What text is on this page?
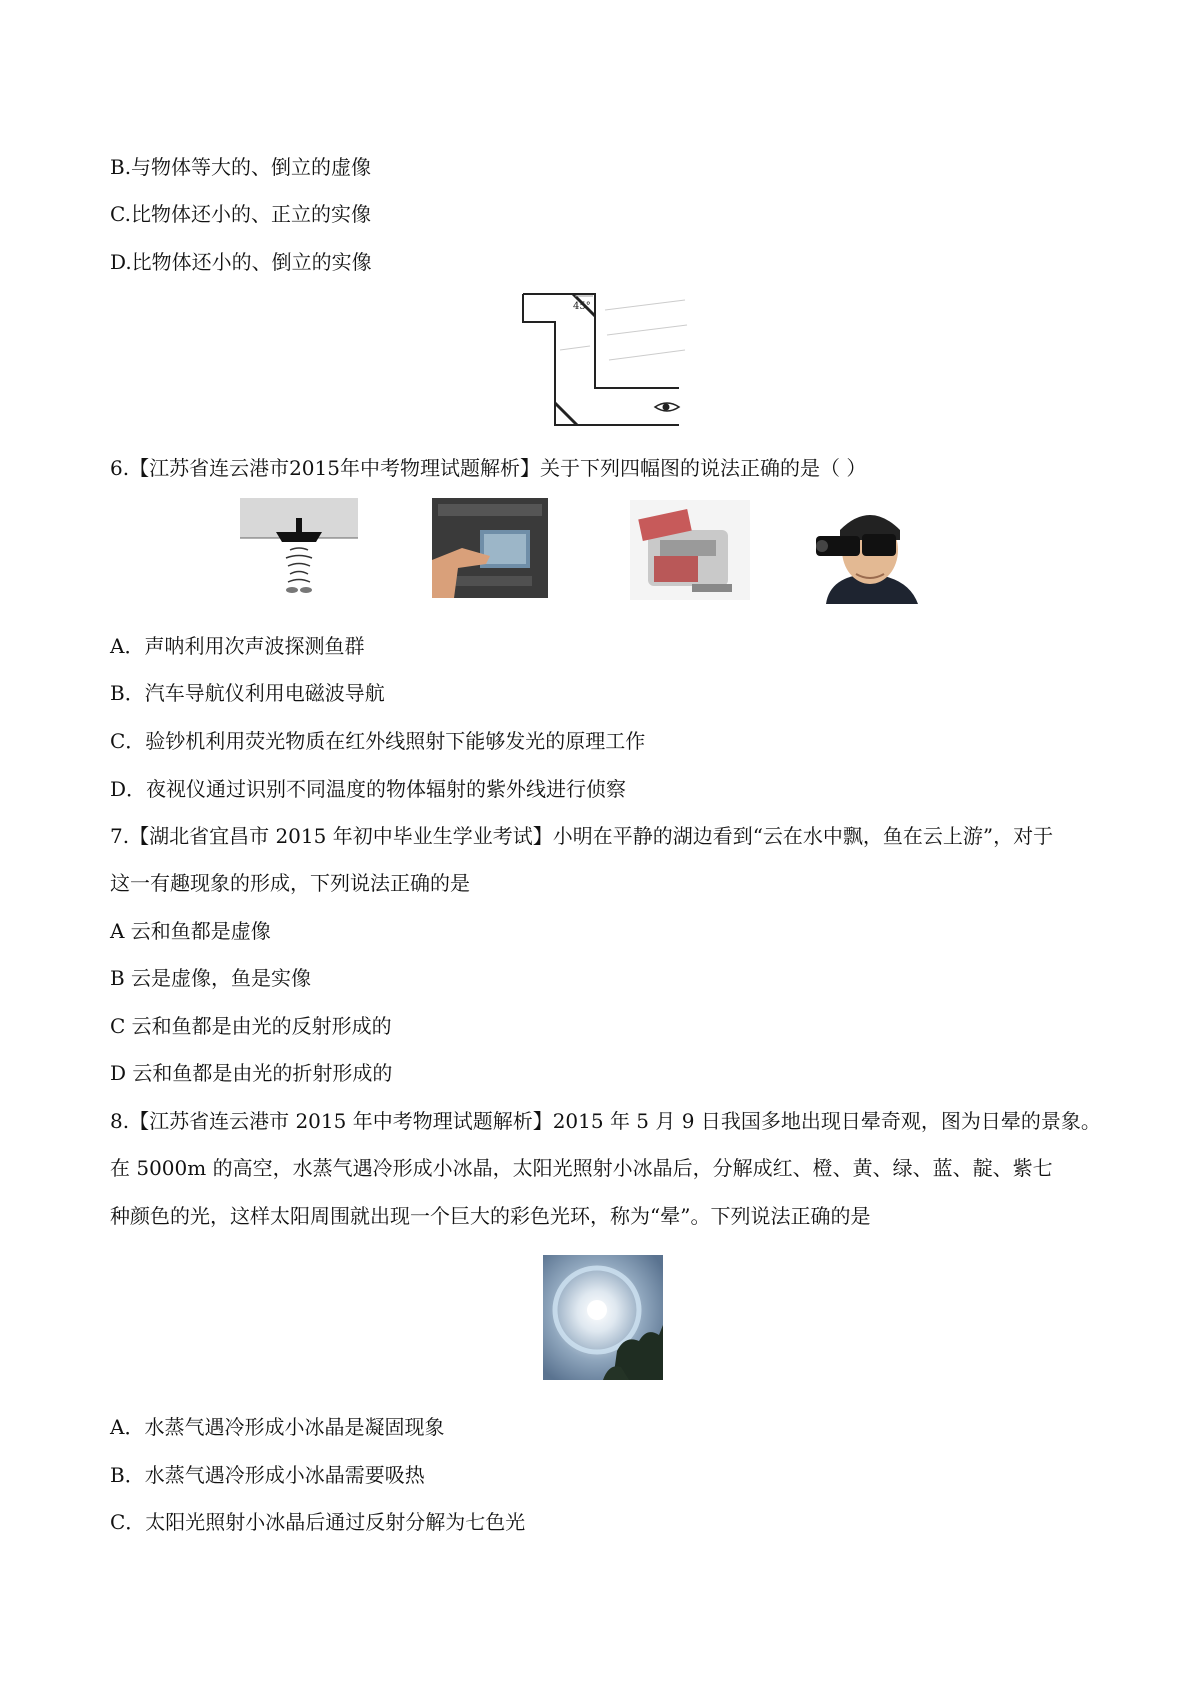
B.与物体等大的、倒立的虚像
C.比物体还小的、正立的实像
D.比物体还小的、倒立的实像
45°
6.【江苏省连云港市2015年中考物理试题解析】关于下列四幅图的说法正确的是（ ）
A．声呐利用次声波探测鱼群
B．汽车导航仪利用电磁波导航
C．验钞机利用荧光物质在红外线照射下能够发光的原理工作
D．夜视仪通过识别不同温度的物体辐射的紫外线进行侦察
7.【湖北省宜昌市 2015 年初中毕业生学业考试】小明在平静的湖边看到“云在水中飘，鱼在云上游”，对于
这一有趣现象的形成，下列说法正确的是
A 云和鱼都是虚像
B 云是虚像，鱼是实像
C 云和鱼都是由光的反射形成的
D 云和鱼都是由光的折射形成的
8.【江苏省连云港市 2015 年中考物理试题解析】2015 年 5 月 9 日我国多地出现日晕奇观，图为日晕的景象。
在 5000m 的高空，水蒸气遇冷形成小冰晶，太阳光照射小冰晶后，分解成红、橙、黄、绿、蓝、靛、紫七
种颜色的光，这样太阳周围就出现一个巨大的彩色光环，称为“晕”。下列说法正确的是
A．水蒸气遇冷形成小冰晶是凝固现象
B．水蒸气遇冷形成小冰晶需要吸热
C．太阳光照射小冰晶后通过反射分解为七色光
